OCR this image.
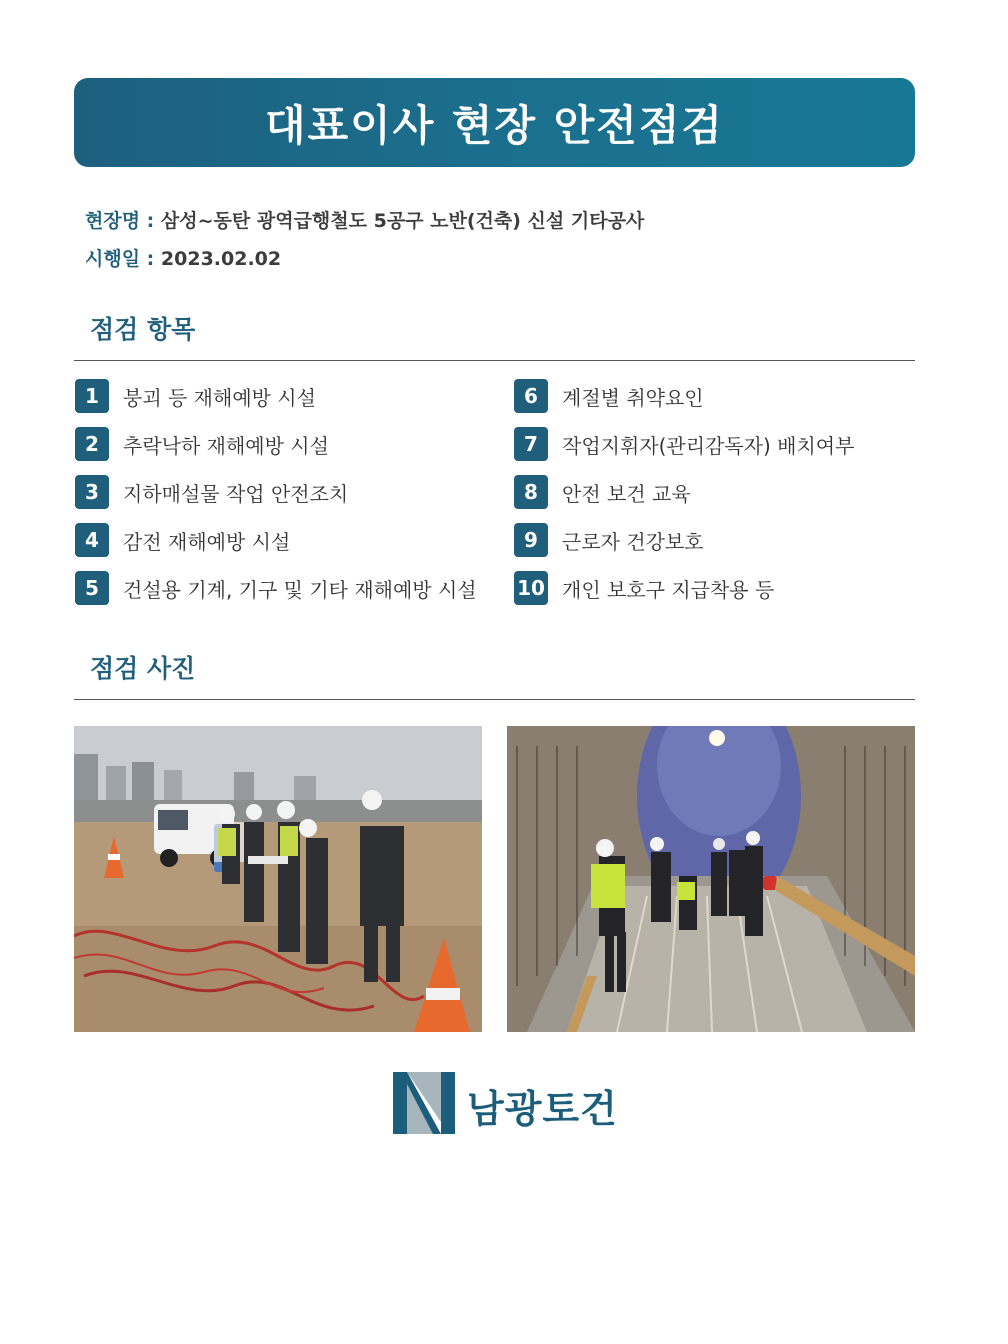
대표이사 현장 안전점검
현장명 : 삼성~동탄 광역급행철도 5공구 노반(건축) 신설 기타공사
시행일 : 2023.02.02
점검 항목
1	붕괴 등 재해예방 시설
2	추락낙하 재해예방 시설
3	지하매설물 작업 안전조치
4	감전 재해예방 시설
5	건설용 기계, 기구 및 기타 재해예방 시설
6	계절별 취약요인
7	작업지휘자(관리감독자) 배치여부
8	안전 보건 교육
9	근로자 건강보호
10 개인 보호구 지급착용 등
점검 사진
남광토건
